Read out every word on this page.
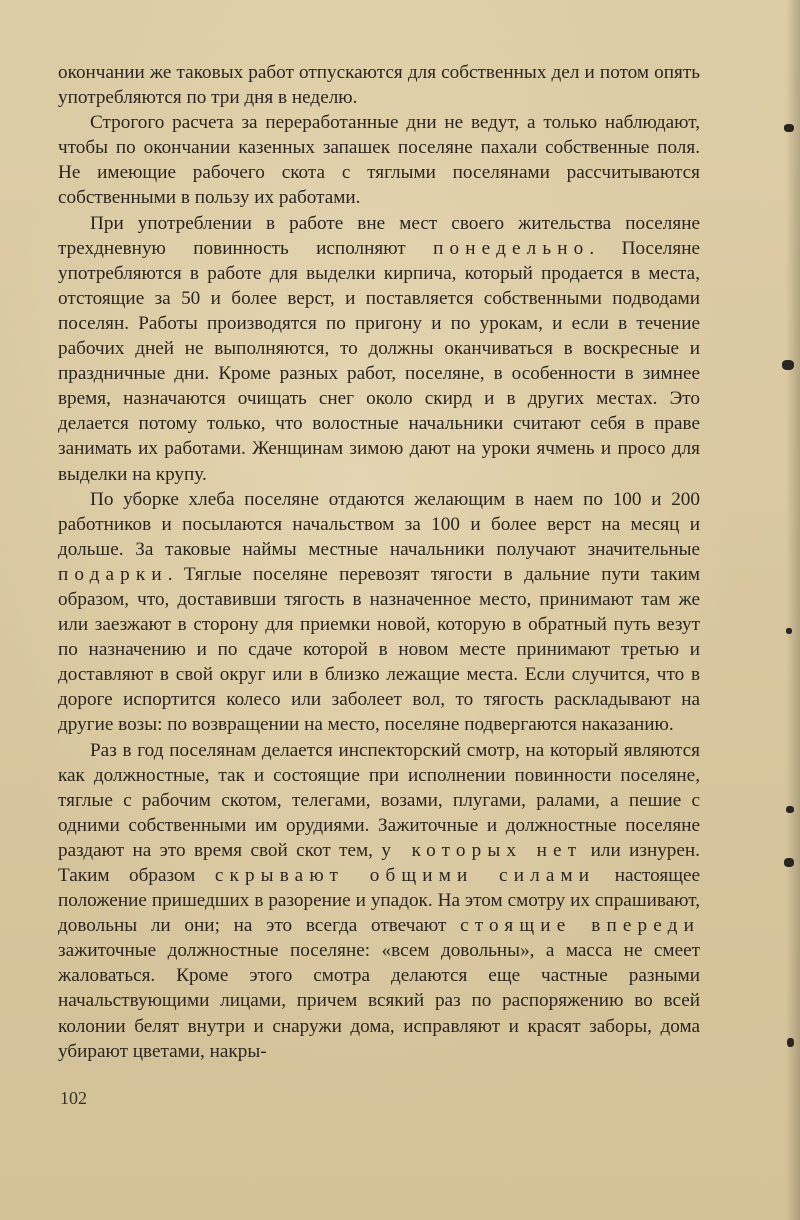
окончании же таковых работ отпускаются для собственных дел и потом опять употребляются по три дня в неделю.

Строгого расчета за переработанные дни не ведут, а только наблюдают, чтобы по окончании казенных запашек поселяне пахали собственные поля. Не имеющие рабочего скота с тяглыми поселянами рассчитываются собственными в пользу их работами.

При употреблении в работе вне мест своего жительства поселяне трехдневную повинность исполняют понедельно. Поселяне употребляются в работе для выделки кирпича, который продается в места, отстоящие за 50 и более верст, и поставляется собственными подводами поселян. Работы производятся по пригону и по урокам, и если в течение рабочих дней не выполняются, то должны оканчиваться в воскресные и праздничные дни. Кроме разных работ, поселяне, в особенности в зимнее время, назначаются очищать снег около скирд и в других местах. Это делается потому только, что волостные начальники считают себя в праве занимать их работами. Женщинам зимою дают на уроки ячмень и просо для выделки на крупу.

По уборке хлеба поселяне отдаются желающим в наем по 100 и 200 работников и посылаются начальством за 100 и более верст на месяц и дольше. За таковые наймы местные начальники получают значительные подарки. Тяглые поселяне перевозят тягости в дальние пути таким образом, что, доставивши тягость в назначенное место, принимают там же или заезжают в сторону для приемки новой, которую в обратный путь везут по назначению и по сдаче которой в новом месте принимают третью и доставляют в свой округ или в близко лежащие места. Если случится, что в дороге испортится колесо или заболеет вол, то тягость раскладывают на другие возы: по возвращении на место, поселяне подвергаются наказанию.

Раз в год поселянам делается инспекторский смотр, на который являются как должностные, так и состоящие при исполнении повинности поселяне, тяглые с рабочим скотом, телегами, возами, плугами, ралами, а пешие с одними собственными им орудиями. Зажиточные и должностные поселяне раздают на это время свой скот тем, у которых нет или изнурен. Таким образом скрывают общими силами настоящее положение пришедших в разорение и упадок. На этом смотру их спрашивают, довольны ли они; на это всегда отвечают стоящие впереди зажиточные должностные поселяне: «всем довольны», а масса не смеет жаловаться. Кроме этого смотра делаются еще частные разными начальствующими лицами, причем всякий раз по распоряжению во всей колонии белят внутри и снаружи дома, исправляют и красят заборы, дома убирают цветами, накры-

102
